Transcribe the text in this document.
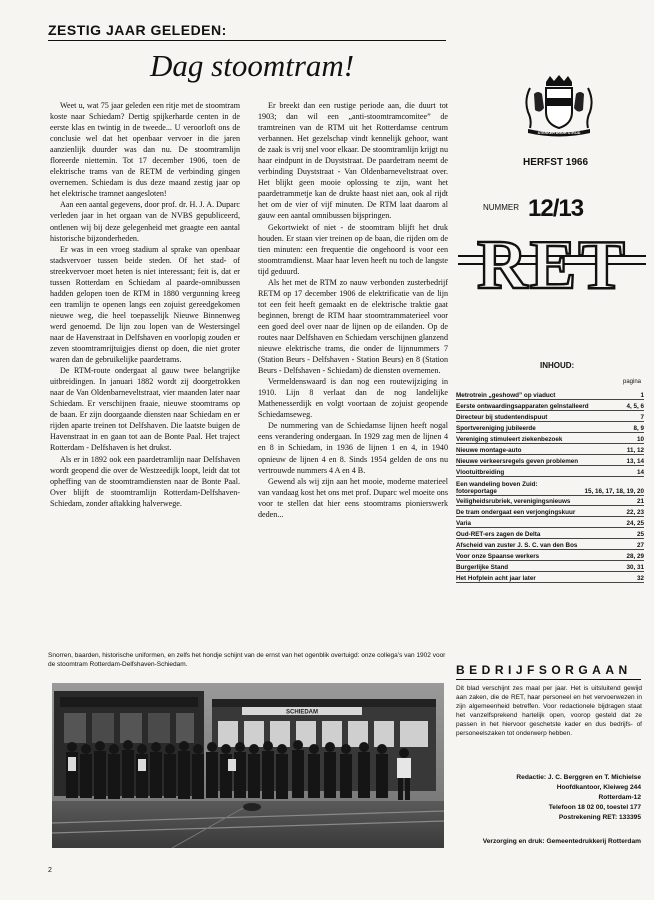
ZESTIG JAAR GELEDEN:
Dag stoomtram!

Weet u, wat 75 jaar geleden een ritje met de stoomtram koste naar Schiedam? Dertig spijkerharde centen in de eerste klas en twintig in de tweede... U veroorloft ons de conclusie wel dat het openbaar vervoer in die jaren aanzienlijk duurder was dan nu. De stoomtramlijn floreerde niettemin. Tot 17 december 1906, toen de elektrische trams van de RETM de verbinding gingen overnemen. Schiedam is dus deze maand zestig jaar op het elektrische tramnet aangesloten!

Aan een aantal gegevens, door prof. dr. H. J. A. Duparc verleden jaar in het orgaan van de NVBS gepubliceerd, ontlenen wij bij deze gelegenheid met graagte een aantal historische bijzonderheden.

Er was in een vroeg stadium al sprake van openbaar stadsvervoer tussen beide steden. Of het stad- of streekvervoer moet heten is niet interessant; feit is, dat er tussen Rotterdam en Schiedam al paarde-omnibussen hadden gelopen toen de RTM in 1880 vergunning kreeg een tramlijn te openen langs een zojuist gereedgekomen nieuwe weg, die heel toepasselijk Nieuwe Binnenweg werd genoemd. De lijn zou lopen van de Westersingel naar de Havenstraat in Delfshaven en voorlopig zouden er zeven stoomtramrijtuigjes dienst op doen, die niet groter waren dan de gebruikelijke paardetrams.

De RTM-route ondergaat al gauw twee belangrijke uitbreidingen. In januari 1882 wordt zij doorgetrokken naar de Van Oldenbarneveltstraat, vier maanden later naar Schiedam. Er verschijnen fraaie, nieuwe stoomtrams op de baan. Er zijn doorgaande diensten naar Schiedam en er rijden aparte treinen tot Delfshaven. Die laatste buigen de Havenstraat in en gaan tot aan de Bonte Paal. Het traject Rotterdam - Delfshaven is het drukst.

Als er in 1892 ook een paardetramlijn naar Delfshaven wordt geopend die over de Westzeedijk loopt, leidt dat tot opheffing van de stoomtramdiensten naar de Bonte Paal. Over blijft de stoomtramlijn Rotterdam-Delfshaven-Schiedam, zonder aftakking halverwege.

Er breekt dan een rustige periode aan, die duurt tot 1903; dan wil een „anti-stoomtramcomitee” de tramtreinen van de RTM uit het Rotterdamse centrum verbannen. Het gezelschap vindt kennelijk gehoor, want de zaak is vrij snel voor elkaar. De stoomtramlijn krijgt nu haar eindpunt in de Duyststraat. De paardetram neemt de verbinding Duyststraat - Van Oldenbarneveltstraat over. Het blijkt geen mooie oplossing te zijn, want het paardetrammetje kan de drukte haast niet aan, ook al rijdt het om de vier of vijf minuten. De RTM laat daarom al gauw een aantal omnibussen bijspringen.

Gekortwiekt of niet - de stoomtram blijft het druk houden. Er staan vier treinen op de baan, die rijden om de tien minuten: een frequentie die ongehoord is voor een stoomtramdienst. Maar haar leven heeft nu toch de langste tijd geduurd.

Als het met de RTM zo nauw verbonden zusterbedrijf RETM op 17 december 1906 de elektrificatie van de lijn tot een feit heeft gemaakt en de elektrische traktie gaat beginnen, brengt de RTM haar stoomtrammaterieel voor een goed deel over naar de lijnen op de eilanden. Op de routes naar Delfshaven en Schiedam verschijnen glanzend nieuwe elektrische trams, die onder de lijnnummers 7 (Station Beurs - Delfshaven - Station Beurs) en 8 (Station Beurs - Delfshaven - Schiedam) de diensten overnemen.

Vermeldenswaard is dan nog een routewijziging in 1910. Lijn 8 verlaat dan de nog landelijke Mathenesserdijk en volgt voortaan de zojuist geopende Schiedamseweg.

De nummering van de Schiedamse lijnen heeft nogal eens verandering ondergaan. In 1929 zag men de lijnen 4 en 8 in Schiedam, in 1936 de lijnen 1 en 4, in 1940 opnieuw de lijnen 4 en 8. Sinds 1954 gelden de ons nu vertrouwde nummers 4 A en 4 B.

Gewend als wij zijn aan het mooie, moderne materieel van vandaag kost het ons met prof. Duparc wel moeite ons voor te stellen dat hier eens stoomtrams pionierswerk deden...

STERKER DOOR STRIJD
HERFST 1966
NUMMER 12/13
RET
INHOUD:
pagina
Metrotrein „geshowd” op viaduct	1
Eerste ontwaardingsapparaten geïnstalleerd	4, 5, 6
Directeur bij studentendispuut	7
Sportvereniging jubileerde	8, 9
Vereniging stimuleert ziekenbezoek	10
Nieuwe montage-auto	11, 12
Nieuwe verkeersregels geven problemen	13, 14
Vlootuitbreiding	14
Een wandeling boven Zuid: fotoreportage	15, 16, 17, 18, 19, 20
Veiligheidsrubriek, verenigingsnieuws	21
De tram ondergaat een verjongingskuur	22, 23
Varia	24, 25
Oud-RET-ers zagen de Delta	25
Afscheid van zuster J. S. C. van den Bos	27
Voor onze Spaanse werkers	28, 29
Burgerlijke Stand	30, 31
Het Hofplein acht jaar later	32
BEDRIJFSORGAAN
Dit blad verschijnt zes maal per jaar. Het is uitsluitend gewijd aan zaken, die de RET, haar personeel en het vervoerwezen in zijn algemeenheid betreffen. Voor redactionele bijdragen staat het vanzelfsprekend hartelijk open, voorop gesteld dat ze passen in het hiervoor geschetste kader en dus bedrijfs- of personeelszaken tot onderwerp hebben.
Redactie: J. C. Berggren en T. Michielse
Hoofdkantoor, Kleiweg 244
Rotterdam-12
Telefoon 18 02 00, toestel 177
Postrekening RET: 133395
Verzorging en druk: Gemeentedrukkerij Rotterdam
Snorren, baarden, historische uniformen, en zelfs het hondje schijnt van de ernst van het ogenblik overtuigd: onze collega’s van 1902 voor de stoomtram Rotterdam-Delfshaven-Schiedam.
SCHIEDAM
2
